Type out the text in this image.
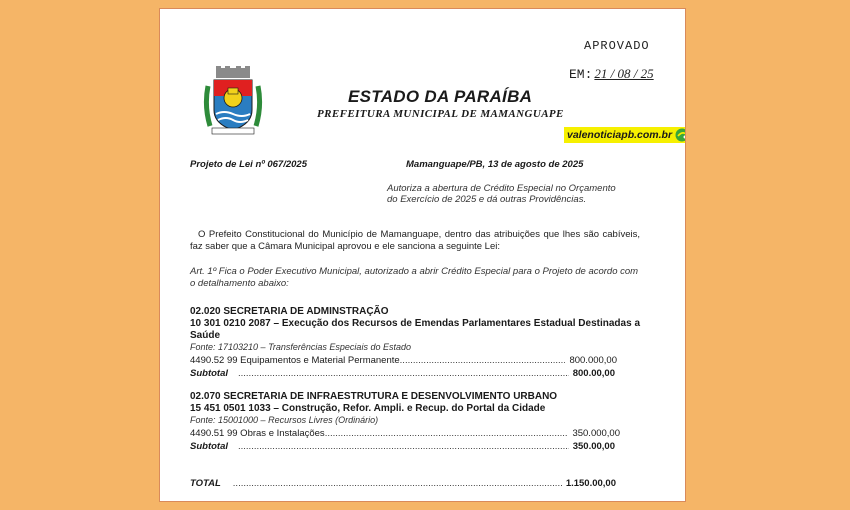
APROVADO
EM: 21 / 08 / 25
ESTADO DA PARAÍBA
PREFEITURA MUNICIPAL DE MAMANGUAPE
valenoticiapb.com.br
Projeto de Lei nº 067/2025	Mamanguape/PB, 13 de agosto de 2025
Autoriza a abertura de Crédito Especial no Orçamento do Exercício de 2025 e dá outras Providências.
O Prefeito Constitucional do Município de Mamanguape, dentro das atribuições que lhes são cabíveis, faz saber que a Câmara Municipal aprovou e ele sanciona a seguinte Lei:
Art. 1º Fica o Poder Executivo Municipal, autorizado a abrir Crédito Especial para o Projeto de acordo com o detalhamento abaixo:
02.020 SECRETARIA DE ADMINSTRAÇÃO
10 301 0210 2087 – Execução dos Recursos de Emendas Parlamentares Estadual Destinadas a Saúde
Fonte: 17103210 – Transferências Especiais do Estado
4490.52 99 Equipamentos e Material Permanente .....	800.000,00
Subtotal .....	800.00,00
02.070 SECRETARIA DE INFRAESTRUTURA E DESENVOLVIMENTO URBANO
15 451 0501 1033 – Construção, Refor. Ampli. e Recup. do Portal da Cidade
Fonte: 15001000 – Recursos Livres (Ordinário)
4490.51 99 Obras e Instalações .....	350.000,00
Subtotal .....	350.00,00
TOTAL .....	1.150.00,00
